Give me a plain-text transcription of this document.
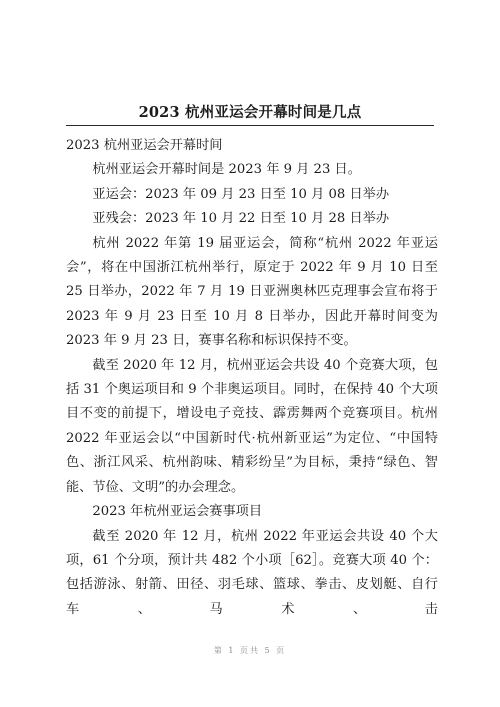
2023 杭州亚运会开幕时间是几点

2023 杭州亚运会开幕时间

杭州亚运会开幕时间是 2023 年 9 月 23 日。

亚运会：2023 年 09 月 23 日至 10 月 08 日举办

亚残会：2023 年 10 月 22 日至 10 月 28 日举办

杭州 2022 年第 19 届亚运会，简称“杭州 2022 年亚运会”，将在中国浙江杭州举行，原定于 2022 年 9 月 10 日至 25 日举办，2022 年 7 月 19 日亚洲奥林匹克理事会宣布将于 2023 年 9 月 23 日至 10 月 8 日举办，因此开幕时间变为 2023 年 9 月 23 日，赛事名称和标识保持不变。

截至 2020 年 12 月，杭州亚运会共设 40 个竞赛大项，包括 31 个奥运项目和 9 个非奥运项目。同时，在保持 40 个大项目不变的前提下，增设电子竞技、霹雳舞两个竞赛项目。杭州 2022 年亚运会以“中国新时代·杭州新亚运”为定位、“中国特色、浙江风采、杭州韵味、精彩纷呈”为目标，秉持“绿色、智能、节俭、文明”的办会理念。

2023 年杭州亚运会赛事项目

截至 2020 年 12 月，杭州 2022 年亚运会共设 40 个大项，61 个分项，预计共 482 个小项［62］。竞赛大项 40 个：包括游泳、射箭、田径、羽毛球、篮球、拳击、皮划艇、自行车、马术、击

第 1 页共 5 页
